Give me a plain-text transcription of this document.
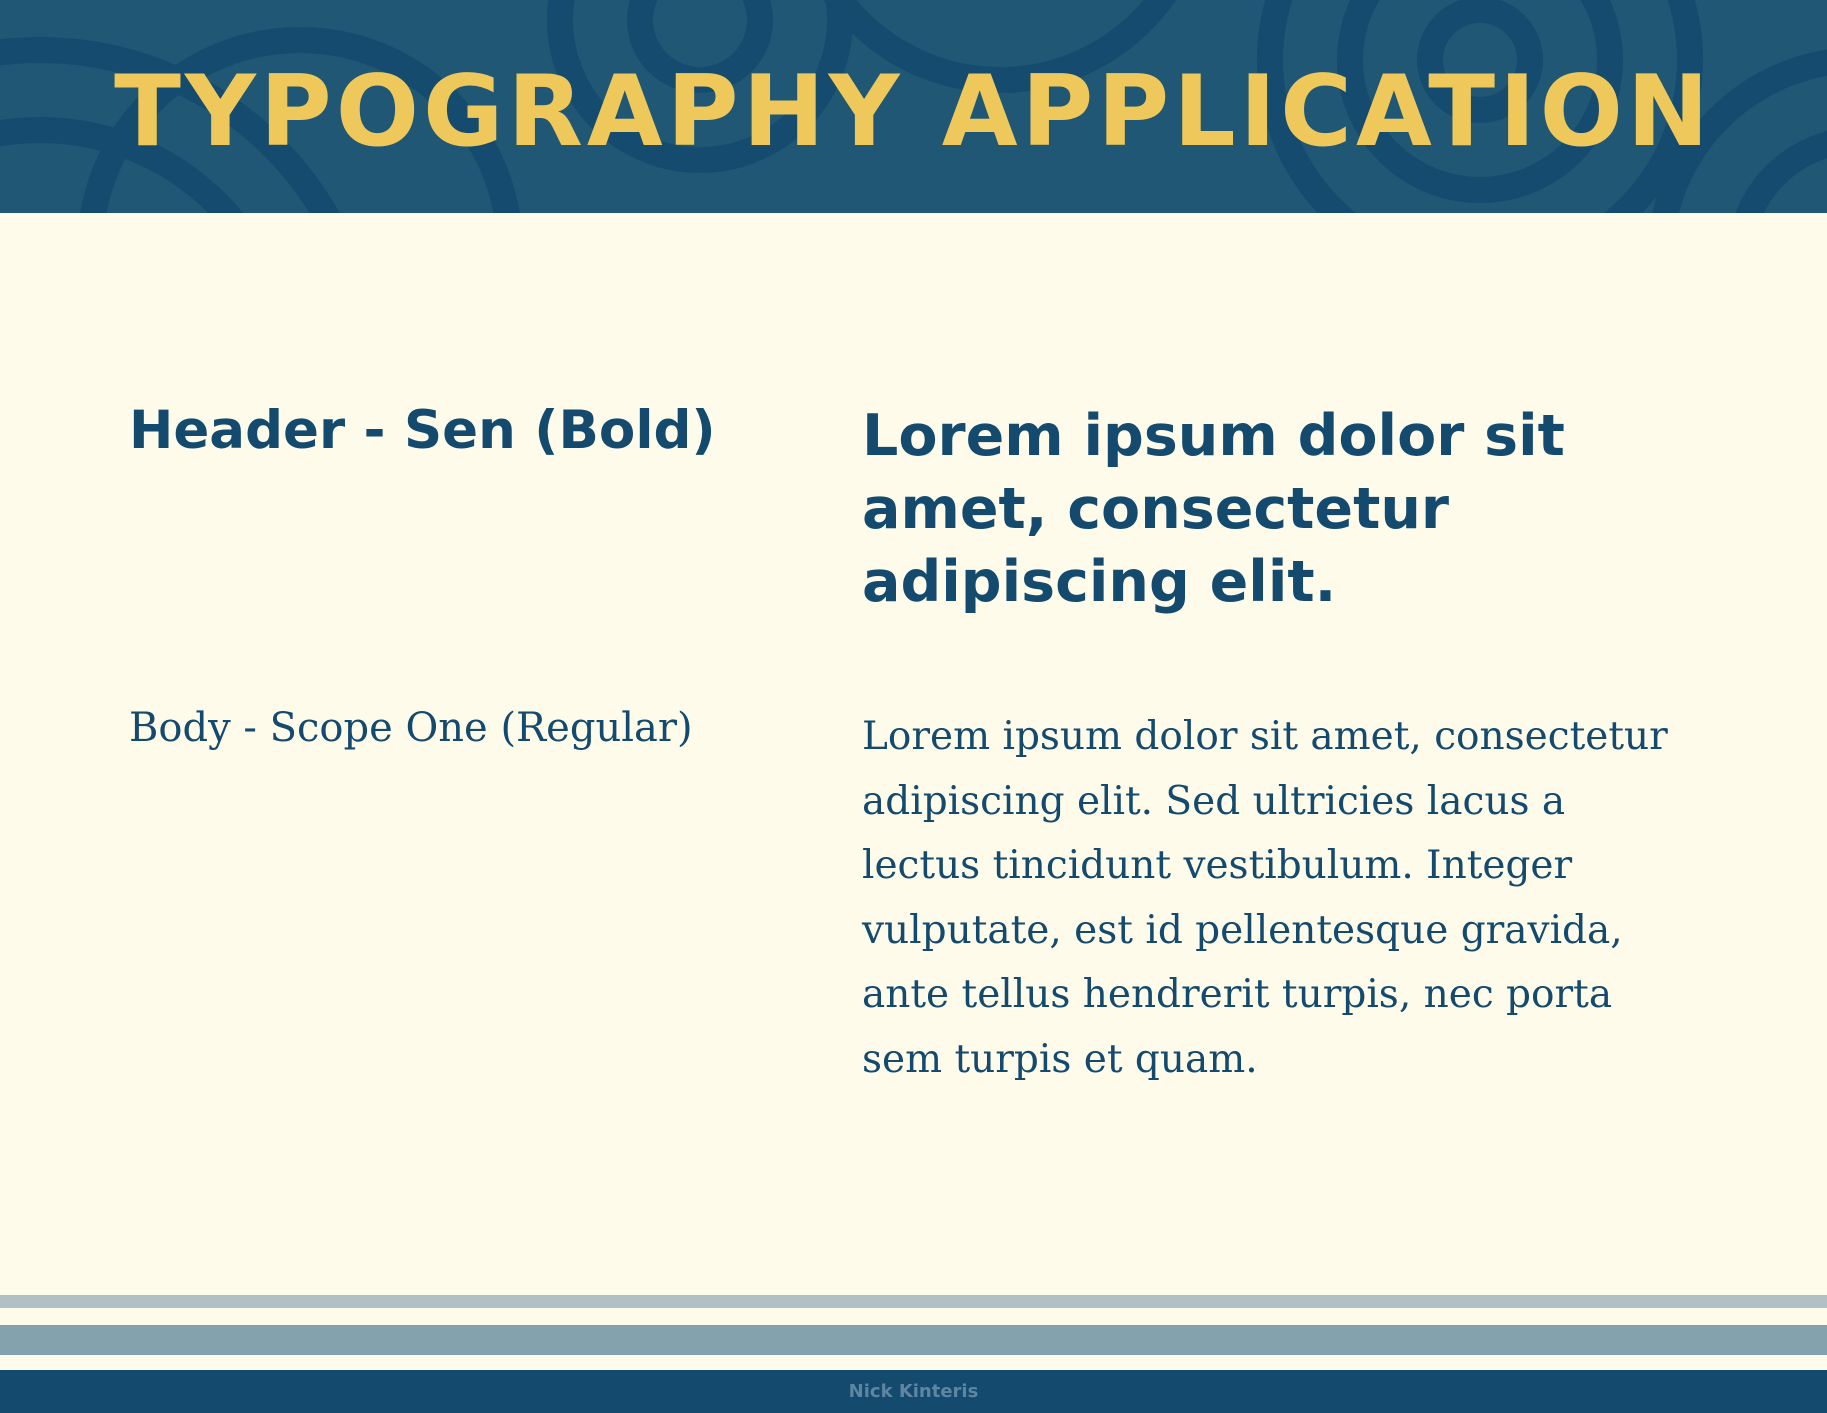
TYPOGRAPHY APPLICATION
Header - Sen (Bold)	Lorem ipsum dolor sit
amet, consectetur
adipiscing elit.
Body - Scope One (Regular)	Lorem ipsum dolor sit amet, consectetur
adipiscing elit. Sed ultricies lacus a
lectus tincidunt vestibulum. Integer
vulputate, est id pellentesque gravida,
ante tellus hendrerit turpis, nec porta
sem turpis et quam.
Nick Kinteris
